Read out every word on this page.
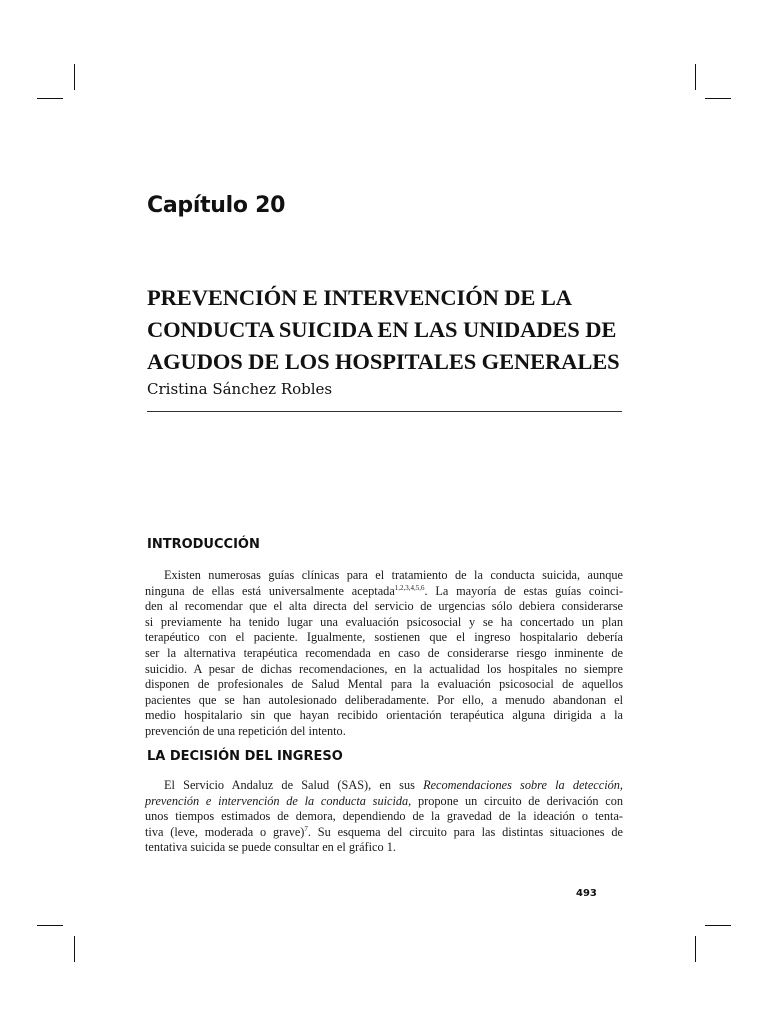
Capítulo 20
PREVENCIÓN E INTERVENCIÓN DE LA
CONDUCTA SUICIDA EN LAS UNIDADES DE
AGUDOS DE LOS HOSPITALES GENERALES
Cristina Sánchez Robles
INTRODUCCIÓN
Existen numerosas guías clínicas para el tratamiento de la conducta suicida, aunque
ninguna de ellas está universalmente aceptada$^{1,2,3,4,5,6}$. La mayoría de estas guías coinci-
den al recomendar que el alta directa del servicio de urgencias sólo debiera considerarse
si previamente ha tenido lugar una evaluación psicosocial y se ha concertado un plan
terapéutico con el paciente. Igualmente, sostienen que el ingreso hospitalario debería
ser la alternativa terapéutica recomendada en caso de considerarse riesgo inminente de
suicidio. A pesar de dichas recomendaciones, en la actualidad los hospitales no siempre
disponen de profesionales de Salud Mental para la evaluación psicosocial de aquellos
pacientes que se han autolesionado deliberadamente. Por ello, a menudo abandonan el
medio hospitalario sin que hayan recibido orientación terapéutica alguna dirigida a la
prevención de una repetición del intento.
LA DECISIÓN DEL INGRESO
El Servicio Andaluz de Salud (SAS), en sus Recomendaciones sobre la detección,
prevención e intervención de la conducta suicida, propone un circuito de derivación con
unos tiempos estimados de demora, dependiendo de la gravedad de la ideación o tenta-
tiva (leve, moderada o grave)$^7$. Su esquema del circuito para las distintas situaciones de
tentativa suicida se puede consultar en el gráfico 1.
493
